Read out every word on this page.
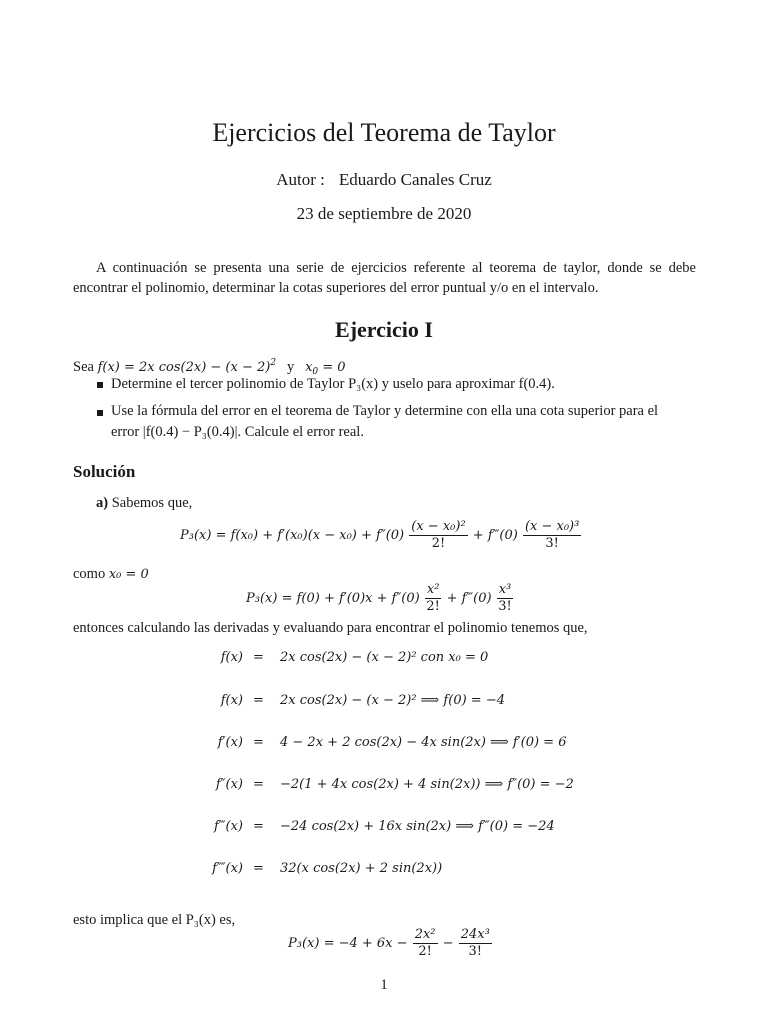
Ejercicios del Teorema de Taylor
Autor : Eduardo Canales Cruz
23 de septiembre de 2020
A continuación se presenta una serie de ejercicios referente al teorema de taylor, donde se debe encontrar el polinomio, determinar la cotas superiores del error puntual y/o en el intervalo.
Ejercicio I
Sea f(x) = 2x $\cos(2x) - (x - 2)^2$ y $x_0 = 0$
Determine el tercer polinomio de Taylor P₃(x) y uselo para aproximar f(0.4).
Use la fórmula del error en el teorema de Taylor y determine con ella una cota superior para el
error |f(0.4) − P₃(0.4)|. Calcule el error real.
Solución
a) Sabemos que,
$P_3(x) = f(x_0) + f'(x_0)(x - x_0) + f''(0) \frac{\text{(x − x₀)²}}{2!}$ + f‴(0) $\frac{\text{(x − x₀)³}}{3!}$
como x₀ = 0
$P_3(x) = f(0) + f'(0)x + f''(0) \frac{\text{x²}}{2!}$ + f‴(0) $\frac{\text{x³}}{3!}$
entonces calculando las derivadas y evaluando para encontrar el polinomio tenemos que,
f(x) = 2x cos(2x) − (x − 2)² con x₀ = 0
f(x) = 2x cos(2x) − (x − 2)² ⟹ f(0) = −4
f′(x) = 4 − 2x + 2 cos(2x) − 4x sin(2x) ⟹ f′(0) = 6
f″(x) = −2(1 + 4x cos(2x) + 4 sin(2x)) ⟹ f″(0) = −2
f‴(x) = −24 cos(2x) + 16x sin(2x) ⟹ f‴(0) = −24
f⁗(x) = 32(x cos(2x) + 2 sin(2x))
esto implica que el P₃(x) es,
$P_3(x) = -4 + 6x - \frac{\text{2x²}}{2!} - \frac{\text{24x³}}{3!}$
1
